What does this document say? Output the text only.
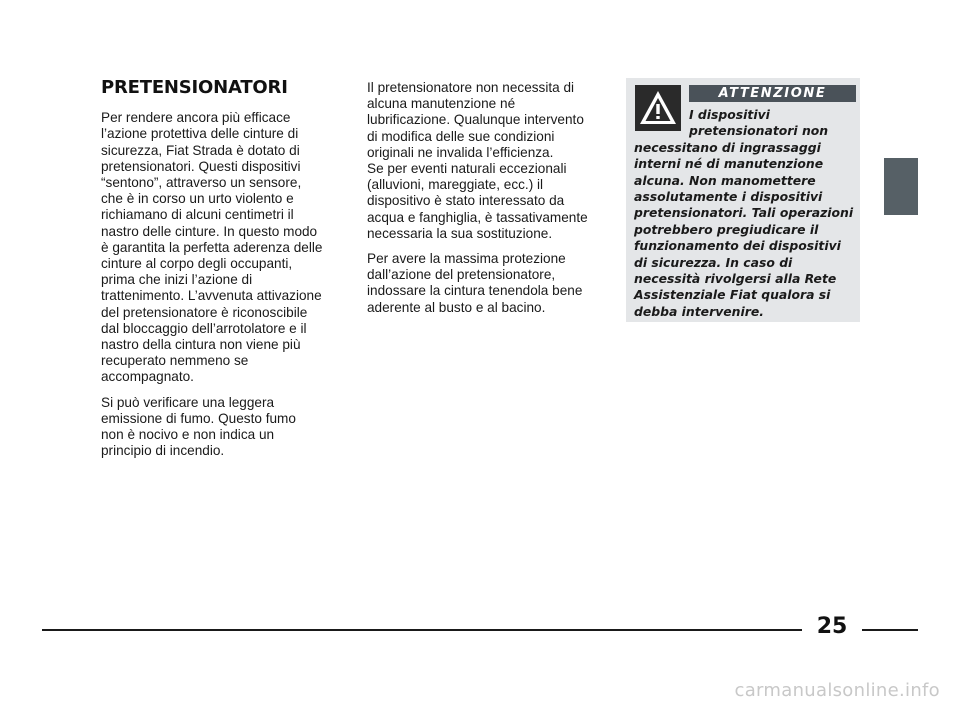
PRETENSIONATORI

Per rendere ancora più efficace
l’azione protettiva delle cinture di
sicurezza, Fiat Strada è dotato di
pretensionatori. Questi dispositivi
“sentono”, attraverso un sensore,
che è in corso un urto violento e
richiamano di alcuni centimetri il
nastro delle cinture. In questo modo
è garantita la perfetta aderenza delle
cinture al corpo degli occupanti,
prima che inizi l’azione di
trattenimento. L’avvenuta attivazione
del pretensionatore è riconoscibile
dal bloccaggio dell’arrotolatore e il
nastro della cintura non viene più
recuperato nemmeno se
accompagnato.

Si può verificare una leggera
emissione di fumo. Questo fumo
non è nocivo e non indica un
principio di incendio.

Il pretensionatore non necessita di
alcuna manutenzione né
lubrificazione. Qualunque intervento
di modifica delle sue condizioni
originali ne invalida l’efficienza.
Se per eventi naturali eccezionali
(alluvioni, mareggiate, ecc.) il
dispositivo è stato interessato da
acqua e fanghiglia, è tassativamente
necessaria la sua sostituzione.

Per avere la massima protezione
dall’azione del pretensionatore,
indossare la cintura tenendola bene
aderente al busto e al bacino.

ATTENZIONE

I dispositivi pretensionatori non
necessitano di ingrassaggi interni né di manutenzione alcuna. Non manomettere assolutamente i dispositivi pretensionatori. Tali operazioni potrebbero pregiudicare il funzionamento dei dispositivi di sicurezza. In caso di necessità rivolgersi alla Rete Assistenziale Fiat qualora si debba intervenire.

25
carmanualsonline.info
